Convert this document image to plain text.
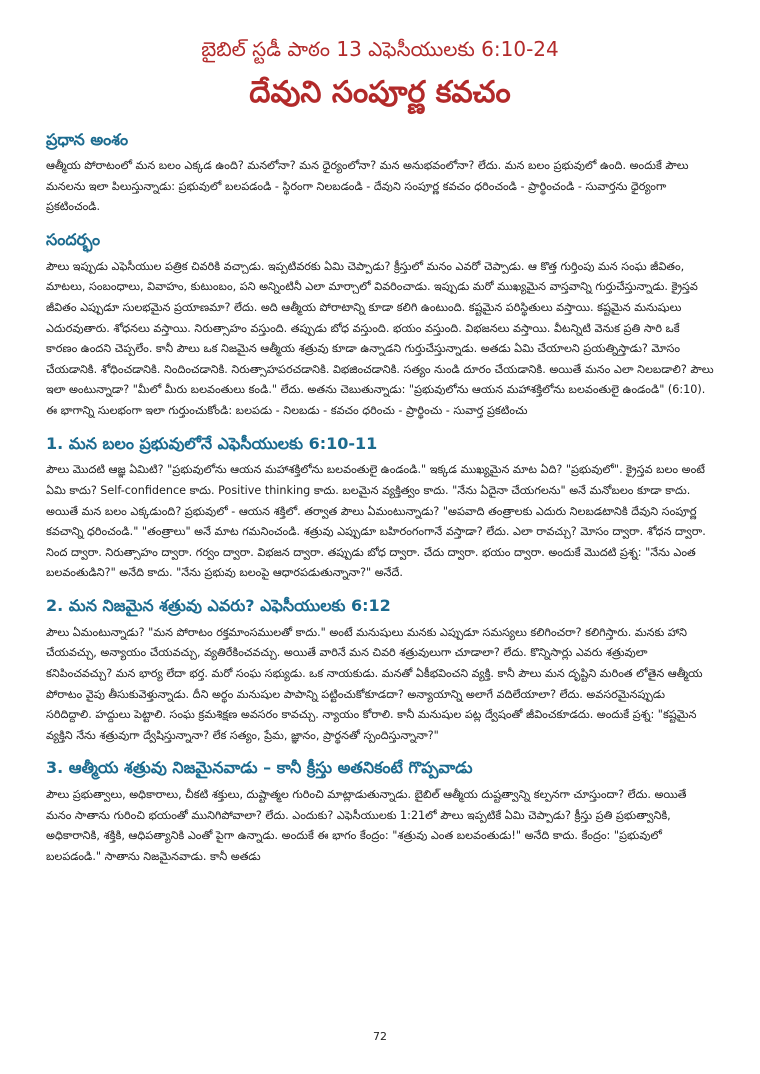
బైబిల్ స్టడీ పాఠం 13 ఎఫెసీయులకు 6:10-24
దేవుని సంపూర్ణ కవచం
ప్రధాన అంశం

ఆత్మీయ పోరాటంలో మన బలం ఎక్కడ ఉంది? మనలోనా? మన ధైర్యంలోనా? మన అనుభవంలోనా? లేదు. మన బలం ప్రభువులో ఉంది. అందుకే పౌలు మనలను ఇలా పిలుస్తున్నాడు: ప్రభువులో బలపడండి - స్థిరంగా నిలబడండి - దేవుని సంపూర్ణ కవచం ధరించండి - ప్రార్థించండి - సువార్తను ధైర్యంగా ప్రకటించండి.

సందర్భం

పౌలు ఇప్పుడు ఎఫెసీయుల పత్రిక చివరికి వచ్చాడు. ఇప్పటివరకు ఏమి చెప్పాడు? క్రీస్తులో మనం ఎవరో చెప్పాడు. ఆ కొత్త గుర్తింపు మన సంఘ జీవితం, మాటలు, సంబంధాలు, వివాహం, కుటుంబం, పని అన్నింటినీ ఎలా మార్చాలో వివరించాడు. ఇప్పుడు మరో ముఖ్యమైన వాస్తవాన్ని గుర్తుచేస్తున్నాడు. క్రైస్తవ జీవితం ఎప్పుడూ సులభమైన ప్రయాణమా? లేదు. అది ఆత్మీయ పోరాటాన్ని కూడా కలిగి ఉంటుంది. కష్టమైన పరిస్థితులు వస్తాయి. కష్టమైన మనుషులు ఎదురవుతారు. శోధనలు వస్తాయి. నిరుత్సాహం వస్తుంది. తప్పుడు బోధ వస్తుంది. భయం వస్తుంది. విభజనలు వస్తాయి. వీటన్నిటి వెనుక ప్రతి సారి ఒకే కారణం ఉందని చెప్పలేం. కానీ పౌలు ఒక నిజమైన ఆత్మీయ శత్రువు కూడా ఉన్నాడని గుర్తుచేస్తున్నాడు. అతడు ఏమి చేయాలని ప్రయత్నిస్తాడు? మోసం చేయడానికి. శోధించడానికి. నిందించడానికి. నిరుత్సాహపరచడానికి. విభజించడానికి. సత్యం నుండి దూరం చేయడానికి. అయితే మనం ఎలా నిలబడాలి? పౌలు ఇలా అంటున్నాడా? "మీలో మీరు బలవంతులు కండి." లేదు. అతను చెబుతున్నాడు: "ప్రభువులోను ఆయన మహాశక్తిలోను బలవంతులై ఉండండి" (6:10). ఈ భాగాన్ని సులభంగా ఇలా గుర్తుంచుకోండి: బలపడు - నిలబడు - కవచం ధరించు - ప్రార్థించు - సువార్త ప్రకటించు

1. మన బలం ప్రభువులోనే ఎఫెసీయులకు 6:10-11

పౌలు మొదటి ఆజ్ఞ ఏమిటి? "ప్రభువులోను ఆయన మహాశక్తిలోను బలవంతులై ఉండండి." ఇక్కడ ముఖ్యమైన మాట ఏది? "ప్రభువులో". క్రైస్తవ బలం అంటే ఏమి కాదు? Self-confidence కాదు. Positive thinking కాదు. బలమైన వ్యక్తిత్వం కాదు. "నేను ఏదైనా చేయగలను" అనే మనోబలం కూడా కాదు. అయితే మన బలం ఎక్కడుంది? ప్రభువులో - ఆయన శక్తిలో. తర్వాత పౌలు ఏమంటున్నాడు? "అపవాది తంత్రాలకు ఎదురు నిలబడటానికి దేవుని సంపూర్ణ కవచాన్ని ధరించండి." "తంత్రాలు" అనే మాట గమనించండి. శత్రువు ఎప్పుడూ బహిరంగంగానే వస్తాడా? లేదు. ఎలా రావచ్చు? మోసం ద్వారా. శోధన ద్వారా. నింద ద్వారా. నిరుత్సాహం ద్వారా. గర్వం ద్వారా. విభజన ద్వారా. తప్పుడు బోధ ద్వారా. చేదు ద్వారా. భయం ద్వారా. అందుకే మొదటి ప్రశ్న: "నేను ఎంత బలవంతుడిని?" అనేది కాదు. "నేను ప్రభువు బలంపై ఆధారపడుతున్నానా?" అనేదే.

2. మన నిజమైన శత్రువు ఎవరు? ఎఫెసీయులకు 6:12

పౌలు ఏమంటున్నాడు? "మన పోరాటం రక్తమాంసములతో కాదు." అంటే మనుషులు మనకు ఎప్పుడూ సమస్యలు కలిగించరా? కలిగిస్తారు. మనకు హాని చేయవచ్చు, అన్యాయం చేయవచ్చు, వ్యతిరేకించవచ్చు. అయితే వారినే మన చివరి శత్రువులుగా చూడాలా? లేదు. కొన్నిసార్లు ఎవరు శత్రువులా కనిపించవచ్చు? మన భార్య లేదా భర్త. మరో సంఘ సభ్యుడు. ఒక నాయకుడు. మనతో ఏకీభవించని వ్యక్తి. కానీ పౌలు మన దృష్టిని మరింత లోతైన ఆత్మీయ పోరాటం వైపు తీసుకువెళ్తున్నాడు. దీని అర్థం మనుషుల పాపాన్ని పట్టించుకోకూడదా? అన్యాయాన్ని అలాగే వదిలేయాలా? లేదు. అవసరమైనప్పుడు సరిదిద్దాలి. హద్దులు పెట్టాలి. సంఘ క్రమశిక్షణ అవసరం కావచ్చు. న్యాయం కోరాలి. కానీ మనుషుల పట్ల ద్వేషంతో జీవించకూడదు. అందుకే ప్రశ్న: "కష్టమైన వ్యక్తిని నేను శత్రువుగా ద్వేషిస్తున్నానా? లేక సత్యం, ప్రేమ, జ్ఞానం, ప్రార్థనతో స్పందిస్తున్నానా?"

3. ఆత్మీయ శత్రువు నిజమైనవాడు – కానీ క్రీస్తు అతనికంటే గొప్పవాడు

పౌలు ప్రభుత్వాలు, అధికారాలు, చీకటి శక్తులు, దుష్టాత్మల గురించి మాట్లాడుతున్నాడు. బైబిల్ ఆత్మీయ దుష్టత్వాన్ని కల్పనగా చూస్తుందా? లేదు. అయితే మనం సాతాను గురించి భయంతో మునిగిపోవాలా? లేదు. ఎందుకు? ఎఫెసీయులకు 1:21లో పౌలు ఇప్పటికే ఏమి చెప్పాడు? క్రీస్తు ప్రతి ప్రభుత్వానికి, అధికారానికి, శక్తికి, ఆధిపత్యానికి ఎంతో పైగా ఉన్నాడు. అందుకే ఈ భాగం కేంద్రం: "శత్రువు ఎంత బలవంతుడు!" అనేది కాదు. కేంద్రం: "ప్రభువులో బలపడండి." సాతాను నిజమైనవాడు. కానీ అతడు

72
